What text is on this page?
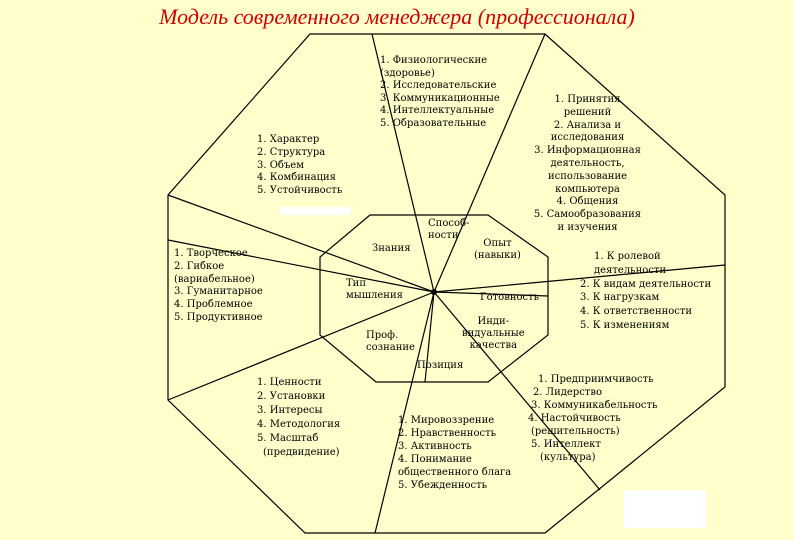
Модель современного менеджера (профессионала)
1. Физиологические
(здоровье)
2. Исследовательские
3. Коммуникационные
4. Интеллектуальные
5. Образовательные
1. Принятия
решений
2. Анализа и
исследования
3. Информационная
деятельность,
использование
компьютера
4. Общения
5. Самообразования
и изучения
1. К ролевой
деятельности
2. К видам деятельности
3. К нагрузкам
4. К ответственности
5. К изменениям
1. Предприимчивость
2. Лидерство
3. Коммуникабельность
4. Настойчивость
(решительность)
5. Интеллект
(культура)
1. Мировоззрение
2. Нравственность
3. Активность
4. Понимание
общественного блага
5. Убежденность
1. Ценности
2. Установки
3. Интересы
4. Методология
5. Масштаб
(предвидение)
1. Творческое
2. Гибкое
(вариабельное)
3. Гуманитарное
4. Проблемное
5. Продуктивное
1. Характер
2. Структура
3. Объем
4. Комбинация
5. Устойчивость
Знания
Способ-
ности
Опыт
(навыки)
Готовность
Инди-
видуальные
качества
Позиция
Проф.
сознание
Тип
мышления
